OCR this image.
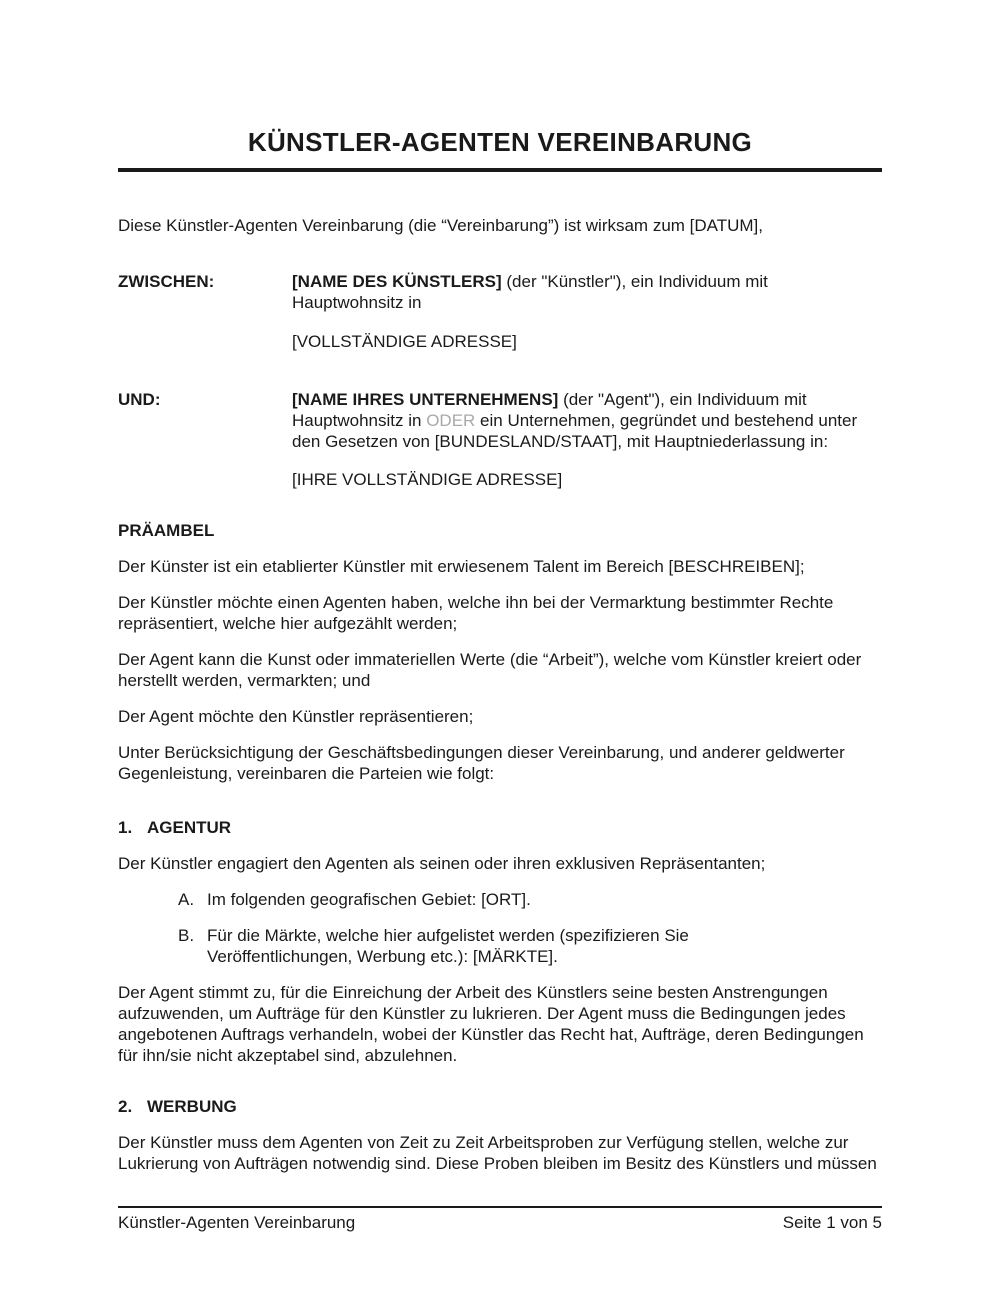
KÜNSTLER-AGENTEN VEREINBARUNG

Diese Künstler-Agenten Vereinbarung (die “Vereinbarung”) ist wirksam zum [DATUM],

ZWISCHEN:	[NAME DES KÜNSTLERS] (der "Künstler"), ein Individuum mit Hauptwohnsitz in

[VOLLSTÄNDIGE ADRESSE]

UND:	[NAME IHRES UNTERNEHMENS] (der "Agent"), ein Individuum mit Hauptwohnsitz in ODER ein Unternehmen, gegründet und bestehend unter den Gesetzen von [BUNDESLAND/STAAT], mit Hauptniederlassung in:

[IHRE VOLLSTÄNDIGE ADRESSE]

PRÄAMBEL

Der Künster ist ein etablierter Künstler mit erwiesenem Talent im Bereich [BESCHREIBEN];

Der Künstler möchte einen Agenten haben, welche ihn bei der Vermarktung bestimmter Rechte repräsentiert, welche hier aufgezählt werden;

Der Agent kann die Kunst oder immateriellen Werte (die “Arbeit”), welche vom Künstler kreiert oder herstellt werden, vermarkten; und

Der Agent möchte den Künstler repräsentieren;

Unter Berücksichtigung der Geschäftsbedingungen dieser Vereinbarung, und anderer geldwerter Gegenleistung, vereinbaren die Parteien wie folgt:

1. AGENTUR

Der Künstler engagiert den Agenten als seinen oder ihren exklusiven Repräsentanten;

A. Im folgenden geografischen Gebiet: [ORT].
B. Für die Märkte, welche hier aufgelistet werden (spezifizieren Sie Veröffentlichungen, Werbung etc.): [MÄRKTE].

Der Agent stimmt zu, für die Einreichung der Arbeit des Künstlers seine besten Anstrengungen aufzuwenden, um Aufträge für den Künstler zu lukrieren. Der Agent muss die Bedingungen jedes angebotenen Auftrags verhandeln, wobei der Künstler das Recht hat, Aufträge, deren Bedingungen für ihn/sie nicht akzeptabel sind, abzulehnen.

2. WERBUNG

Der Künstler muss dem Agenten von Zeit zu Zeit Arbeitsproben zur Verfügung stellen, welche zur Lukrierung von Aufträgen notwendig sind. Diese Proben bleiben im Besitz des Künstlers und müssen

Künstler-Agenten Vereinbarung	Seite 1 von 5
